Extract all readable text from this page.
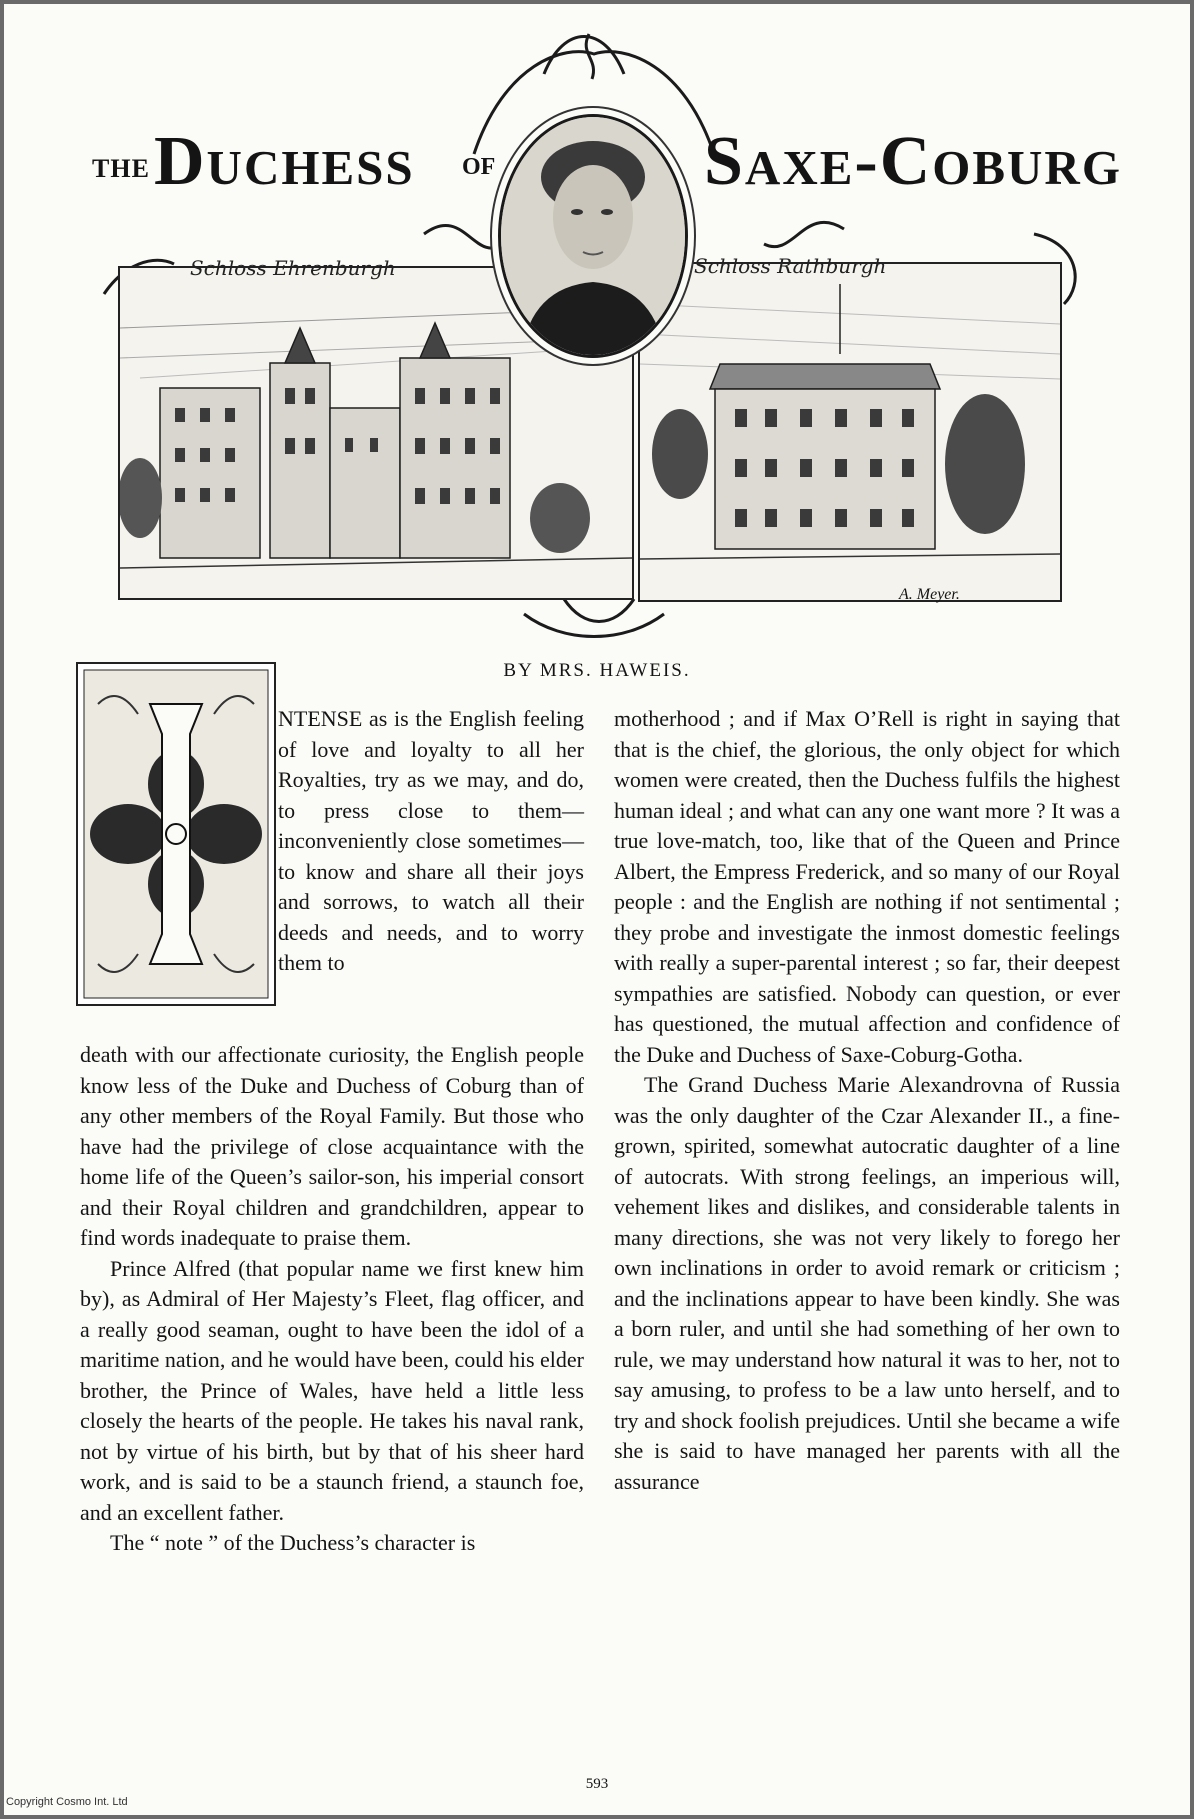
THE Duchess OF	Saxe-Coburg
Schloss Ehrenburgh	Schloss Rathburgh
A. Meyer.
BY MRS. HAWEIS.

NTENSE as is the English feeling of love and loyalty to all her Royalties, try as we may, and do, to press close to them—inconveniently close sometimes—to know and share all their joys and sorrows, to watch all their deeds and needs, and to worry them to

death with our affectionate curiosity, the English people know less of the Duke and Duchess of Coburg than of any other members of the Royal Family. But those who have had the privilege of close acquaintance with the home life of the Queen’s sailor-son, his imperial consort and their Royal children and grandchildren, appear to find words inadequate to praise them.

Prince Alfred (that popular name we first knew him by), as Admiral of Her Majesty’s Fleet, flag officer, and a really good seaman, ought to have been the idol of a maritime nation, and he would have been, could his elder brother, the Prince of Wales, have held a little less closely the hearts of the people. He takes his naval rank, not by virtue of his birth, but by that of his sheer hard work, and is said to be a staunch friend, a staunch foe, and an excellent father.

The “ note ” of the Duchess’s character is

motherhood ; and if Max O’Rell is right in saying that that is the chief, the glorious, the only object for which women were created, then the Duchess fulfils the highest human ideal ; and what can any one want more ? It was a true love-match, too, like that of the Queen and Prince Albert, the Empress Frederick, and so many of our Royal people : and the English are nothing if not sentimental ; they probe and investigate the inmost domestic feelings with really a super-parental interest ; so far, their deepest sympathies are satisfied. Nobody can question, or ever has questioned, the mutual affection and confidence of the Duke and Duchess of Saxe-Coburg-Gotha.

The Grand Duchess Marie Alexandrovna of Russia was the only daughter of the Czar Alexander II., a fine-grown, spirited, somewhat autocratic daughter of a line of autocrats. With strong feelings, an imperious will, vehement likes and dislikes, and considerable talents in many directions, she was not very likely to forego her own inclinations in order to avoid remark or criticism ; and the inclinations appear to have been kindly. She was a born ruler, and until she had something of her own to rule, we may understand how natural it was to her, not to say amusing, to profess to be a law unto herself, and to try and shock foolish prejudices. Until she became a wife she is said to have managed her parents with all the assurance

593
Copyright Cosmo Int. Ltd
